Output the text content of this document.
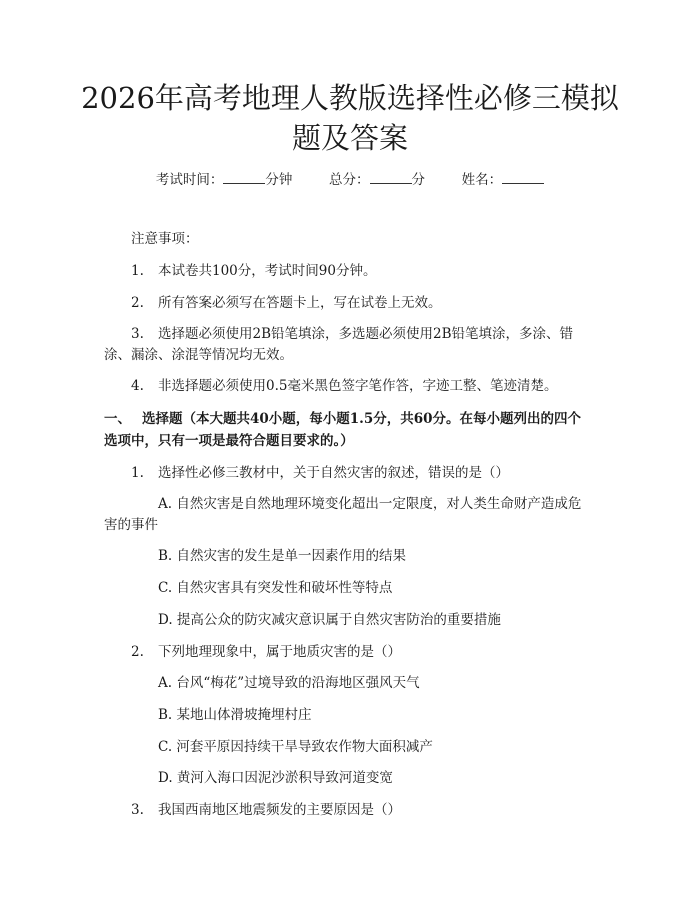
2026年高考地理人教版选择性必修三模拟题及答案
考试时间：	分钟	总分：	分	姓名：
注意事项：
1. 本试卷共100分，考试时间90分钟。
2. 所有答案必须写在答题卡上，写在试卷上无效。
3. 选择题必须使用2B铅笔填涂，多选题必须使用2B铅笔填涂，多涂、错
涂、漏涂、涂混等情况均无效。
4. 非选择题必须使用0.5毫米黑色签字笔作答，字迹工整、笔迹清楚。
一、 选择题（本大题共40小题，每小题1.5分，共60分。在每小题列出的四个
选项中，只有一项是最符合题目要求的。）
1. 选择性必修三教材中，关于自然灾害的叙述，错误的是（）
A. 自然灾害是自然地理环境变化超出一定限度，对人类生命财产造成危
害的事件
B. 自然灾害的发生是单一因素作用的结果
C. 自然灾害具有突发性和破坏性等特点
D. 提高公众的防灾减灾意识属于自然灾害防治的重要措施
2. 下列地理现象中，属于地质灾害的是（）
A. 台风“梅花”过境导致的沿海地区强风天气
B. 某地山体滑坡掩埋村庄
C. 河套平原因持续干旱导致农作物大面积减产
D. 黄河入海口因泥沙淤积导致河道变宽
3. 我国西南地区地震频发的主要原因是（）
